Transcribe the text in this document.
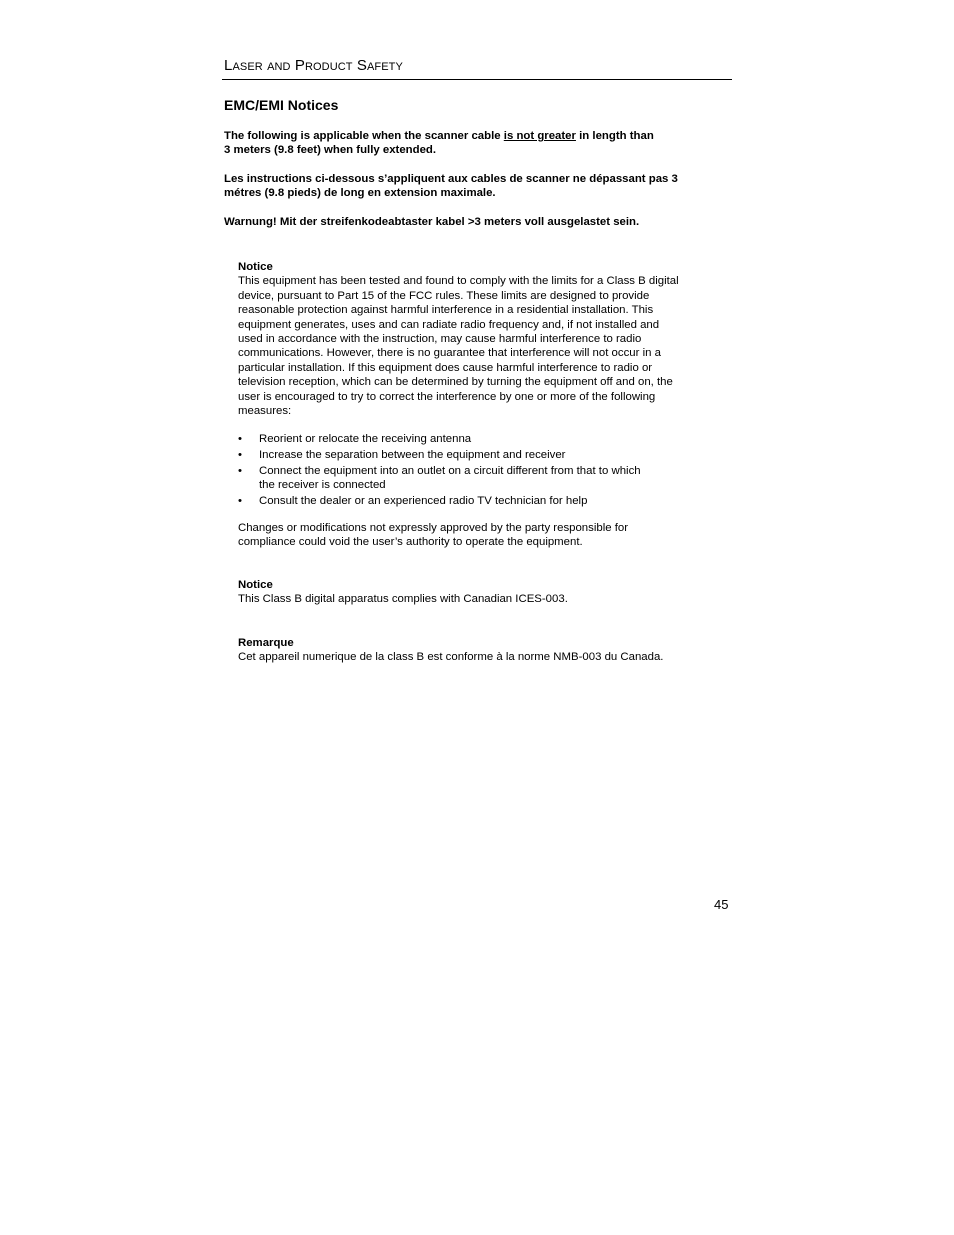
Laser and Product Safety
EMC/EMI Notices
The following is applicable when the scanner cable is not greater in length than
3 meters (9.8 feet) when fully extended.
Les instructions ci-dessous s’appliquent aux cables de scanner ne dépassant pas 3
métres (9.8 pieds) de long en extension maximale.
Warnung! Mit der streifenkodeabtaster kabel >3 meters voll ausgelastet sein.
Notice
This equipment has been tested and found to comply with the limits for a Class B digital
device, pursuant to Part 15 of the FCC rules. These limits are designed to provide
reasonable protection against harmful interference in a residential installation. This
equipment generates, uses and can radiate radio frequency and, if not installed and
used in accordance with the instruction, may cause harmful interference to radio
communications. However, there is no guarantee that interference will not occur in a
particular installation. If this equipment does cause harmful interference to radio or
television reception, which can be determined by turning the equipment off and on, the
user is encouraged to try to correct the interference by one or more of the following
measures:
• Reorient or relocate the receiving antenna
• Increase the separation between the equipment and receiver
• Connect the equipment into an outlet on a circuit different from that to which
the receiver is connected
• Consult the dealer or an experienced radio TV technician for help
Changes or modifications not expressly approved by the party responsible for
compliance could void the user’s authority to operate the equipment.
Notice
This Class B digital apparatus complies with Canadian ICES-003.
Remarque
Cet appareil numerique de la class B est conforme à la norme NMB-003 du Canada.
45
